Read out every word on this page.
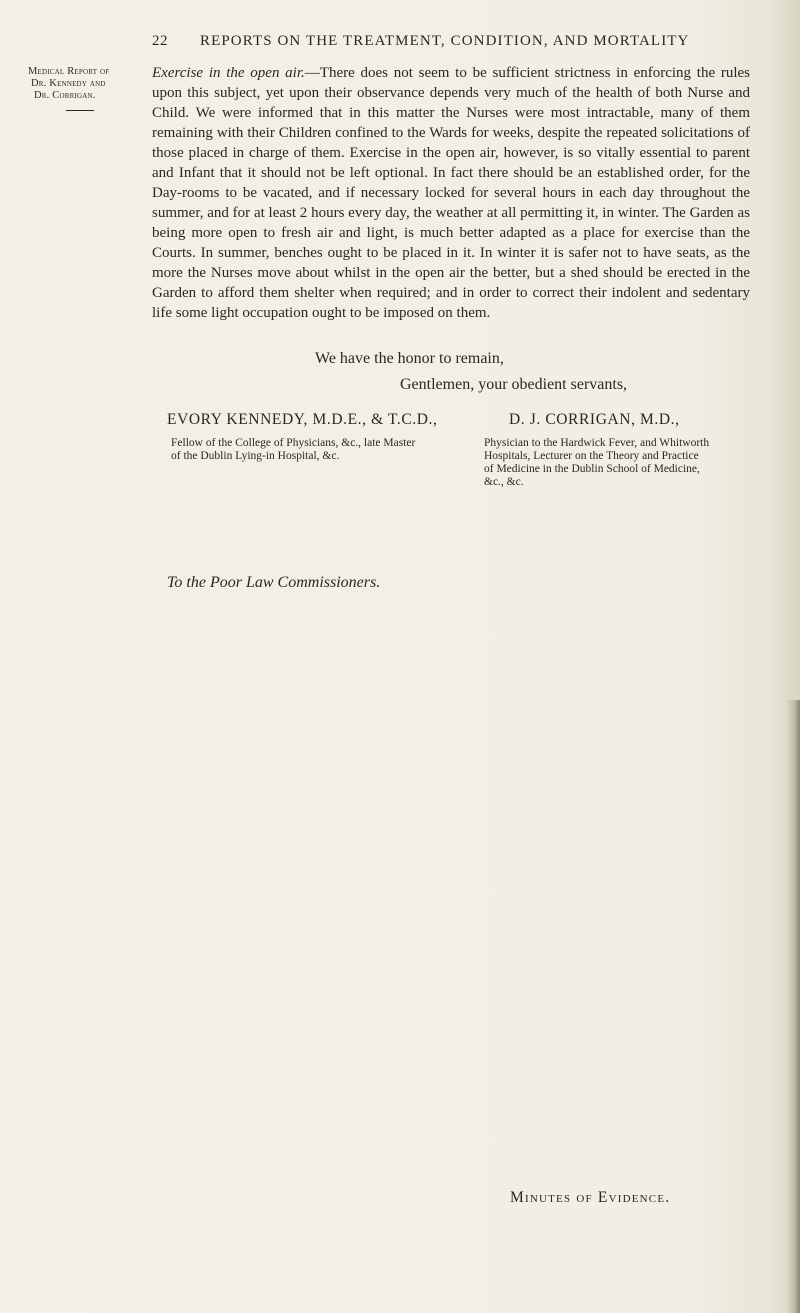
22 REPORTS ON THE TREATMENT, CONDITION, AND MORTALITY
Medical Report of
Dr. Kennedy and
Dr. Corrigan.
Exercise in the open air.—There does not seem to be sufficient strictness in enforcing the rules upon this subject, yet upon their observance depends very much of the health of both Nurse and Child. We were informed that in this matter the Nurses were most intractable, many of them remaining with their Children confined to the Wards for weeks, despite the repeated solicitations of those placed in charge of them. Exercise in the open air, however, is so vitally essential to parent and Infant that it should not be left optional. In fact there should be an established order, for the Day-rooms to be vacated, and if necessary locked for several hours in each day throughout the summer, and for at least 2 hours every day, the weather at all permitting it, in winter. The Garden as being more open to fresh air and light, is much better adapted as a place for exercise than the Courts. In summer, benches ought to be placed in it. In winter it is safer not to have seats, as the more the Nurses move about whilst in the open air the better, but a shed should be erected in the Garden to afford them shelter when required; and in order to correct their indolent and sedentary life some light occupation ought to be imposed on them.
We have the honor to remain,
Gentlemen, your obedient servants,
EVORY KENNEDY, M.D.E., & T.C.D.,
Fellow of the College of Physicians, &c., late Master
of the Dublin Lying-in Hospital, &c.
D. J. CORRIGAN, M.D.,
Physician to the Hardwick Fever, and Whitworth
Hospitals, Lecturer on the Theory and Practice
of Medicine in the Dublin School of Medicine,
&c., &c.
To the Poor Law Commissioners.
Minutes of Evidence.
